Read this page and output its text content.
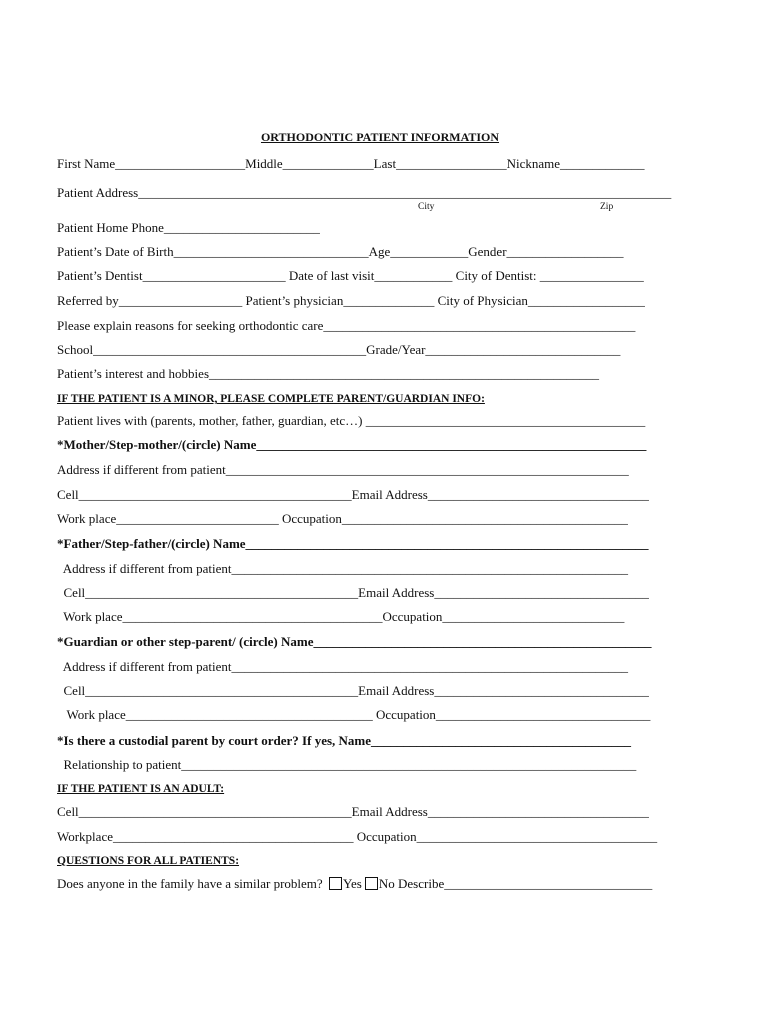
ORTHODONTIC PATIENT INFORMATION
First Name____________________Middle______________Last_________________Nickname_____________
Patient Address__________________________________________________________________________________
City	Zip
Patient Home Phone________________________
Patient’s Date of Birth______________________________Age____________Gender__________________
Patient’s Dentist______________________ Date of last visit____________ City of Dentist: ________________
Referred by___________________ Patient’s physician______________ City of Physician__________________
Please explain reasons for seeking orthodontic care________________________________________________
School__________________________________________Grade/Year______________________________
Patient’s interest and hobbies____________________________________________________________
IF THE PATIENT IS A MINOR, PLEASE COMPLETE PARENT/GUARDIAN INFO:
Patient lives with (parents, mother, father, guardian, etc…) ___________________________________________
*Mother/Step-mother/(circle) Name____________________________________________________________
Address if different from patient______________________________________________________________
Cell__________________________________________Email Address__________________________________
Work place_________________________ Occupation____________________________________________
*Father/Step-father/(circle) Name______________________________________________________________
Address if different from patient_____________________________________________________________
Cell__________________________________________Email Address_________________________________
Work place________________________________________Occupation____________________________
*Guardian or other step-parent/ (circle) Name____________________________________________________
Address if different from patient_____________________________________________________________
Cell__________________________________________Email Address_________________________________
Work place______________________________________ Occupation_________________________________
*Is there a custodial parent by court order? If yes, Name________________________________________
Relationship to patient______________________________________________________________________
IF THE PATIENT IS AN ADULT:
Cell__________________________________________Email Address__________________________________
Workplace_____________________________________ Occupation_____________________________________
QUESTIONS FOR ALL PATIENTS:
Does anyone in the family have a similar problem? Yes No Describe________________________________
